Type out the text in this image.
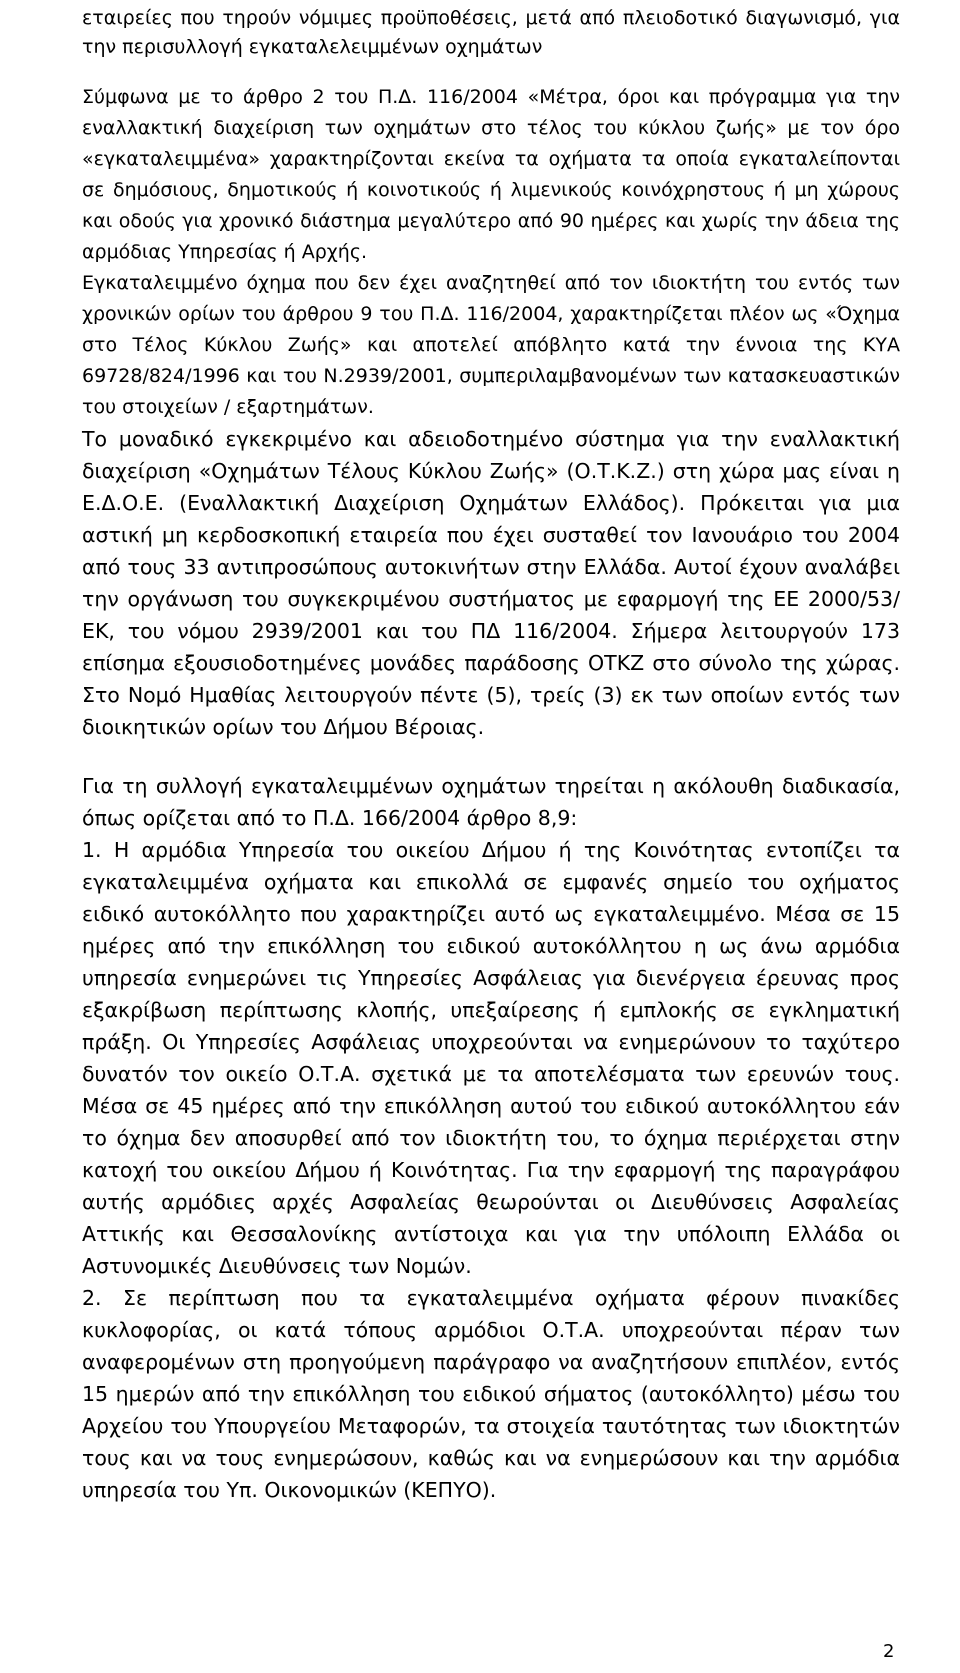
εταιρείες που τηρούν νόμιμες προϋποθέσεις, μετά από πλειοδοτικό διαγωνισμό, για την περισυλλογή εγκαταλελειμμένων οχημάτων

Σύμφωνα με το άρθρο 2 του Π.Δ. 116/2004 «Μέτρα, όροι και πρόγραμμα για την εναλλακτική διαχείριση των οχημάτων στο τέλος του κύκλου ζωής» με τον όρο «εγκαταλειμμένα» χαρακτηρίζονται εκείνα τα οχήματα τα οποία εγκαταλείπονται σε δημόσιους, δημοτικούς ή κοινοτικούς ή λιμενικούς κοινόχρηστους ή μη χώρους και οδούς για χρονικό διάστημα μεγαλύτερο από 90 ημέρες και χωρίς την άδεια της αρμόδιας Υπηρεσίας ή Αρχής.

Εγκαταλειμμένο όχημα που δεν έχει αναζητηθεί από τον ιδιοκτήτη του εντός των χρονικών ορίων του άρθρου 9 του Π.Δ. 116/2004, χαρακτηρίζεται πλέον ως «Όχημα στο Τέλος Κύκλου Ζωής» και αποτελεί απόβλητο κατά την έννοια της ΚΥΑ 69728/824/1996 και του Ν.2939/2001, συμπεριλαμβανομένων των κατασκευαστικών του στοιχείων / εξαρτημάτων.

Το μοναδικό εγκεκριμένο και αδειοδοτημένο σύστημα για την εναλλακτική διαχείριση «Οχημάτων Τέλους Κύκλου Ζωής» (Ο.Τ.Κ.Ζ.) στη χώρα μας είναι η Ε.Δ.Ο.Ε. (Εναλλακτική Διαχείριση Οχημάτων Ελλάδος). Πρόκειται για μια αστική μη κερδοσκοπική εταιρεία που έχει συσταθεί τον Ιανουάριο του 2004 από τους 33 αντιπροσώπους αυτοκινήτων στην Ελλάδα. Αυτοί έχουν αναλάβει την οργάνωση του συγκεκριμένου συστήματος με εφαρμογή της ΕΕ 2000/53/ΕΚ, του νόμου 2939/2001 και του ΠΔ 116/2004. Σήμερα λειτουργούν 173 επίσημα εξουσιοδοτημένες μονάδες παράδοσης ΟΤΚΖ στο σύνολο της χώρας. Στο Νομό Ημαθίας λειτουργούν πέντε (5), τρείς (3) εκ των οποίων εντός των διοικητικών ορίων του Δήμου Βέροιας.

Για τη συλλογή εγκαταλειμμένων οχημάτων τηρείται η ακόλουθη διαδικασία, όπως ορίζεται από το Π.Δ. 166/2004 άρθρο 8,9:

1. Η αρμόδια Υπηρεσία του οικείου Δήμου ή της Κοινότητας εντοπίζει τα εγκαταλειμμένα οχήματα και επικολλά σε εμφανές σημείο του οχήματος ειδικό αυτοκόλλητο που χαρακτηρίζει αυτό ως εγκαταλειμμένο. Μέσα σε 15 ημέρες από την επικόλληση του ειδικού αυτοκόλλητου η ως άνω αρμόδια υπηρεσία ενημερώνει τις Υπηρεσίες Ασφάλειας για διενέργεια έρευνας προς εξακρίβωση περίπτωσης κλοπής, υπεξαίρεσης ή εμπλοκής σε εγκληματική πράξη. Οι Υπηρεσίες Ασφάλειας υποχρεούνται να ενημερώνουν το ταχύτερο δυνατόν τον οικείο Ο.Τ.Α. σχετικά με τα αποτελέσματα των ερευνών τους. Μέσα σε 45 ημέρες από την επικόλληση αυτού του ειδικού αυτοκόλλητου εάν το όχημα δεν αποσυρθεί από τον ιδιοκτήτη του, το όχημα περιέρχεται στην κατοχή του οικείου Δήμου ή Κοινότητας. Για την εφαρμογή της παραγράφου αυτής αρμόδιες αρχές Ασφαλείας θεωρούνται οι Διευθύνσεις Ασφαλείας Αττικής και Θεσσαλονίκης αντίστοιχα και για την υπόλοιπη Ελλάδα οι Αστυνομικές Διευθύνσεις των Νομών.

2. Σε περίπτωση που τα εγκαταλειμμένα οχήματα φέρουν πινακίδες κυκλοφορίας, οι κατά τόπους αρμόδιοι Ο.Τ.Α. υποχρεούνται πέραν των αναφερομένων στη προηγούμενη παράγραφο να αναζητήσουν επιπλέον, εντός 15 ημερών από την επικόλληση του ειδικού σήματος (αυτοκόλλητο) μέσω του Αρχείου του Υπουργείου Μεταφορών, τα στοιχεία ταυτότητας των ιδιοκτητών τους και να τους ενημερώσουν, καθώς και να ενημερώσουν και την αρμόδια υπηρεσία του Υπ. Οικονομικών (ΚΕΠΥΟ).

2
